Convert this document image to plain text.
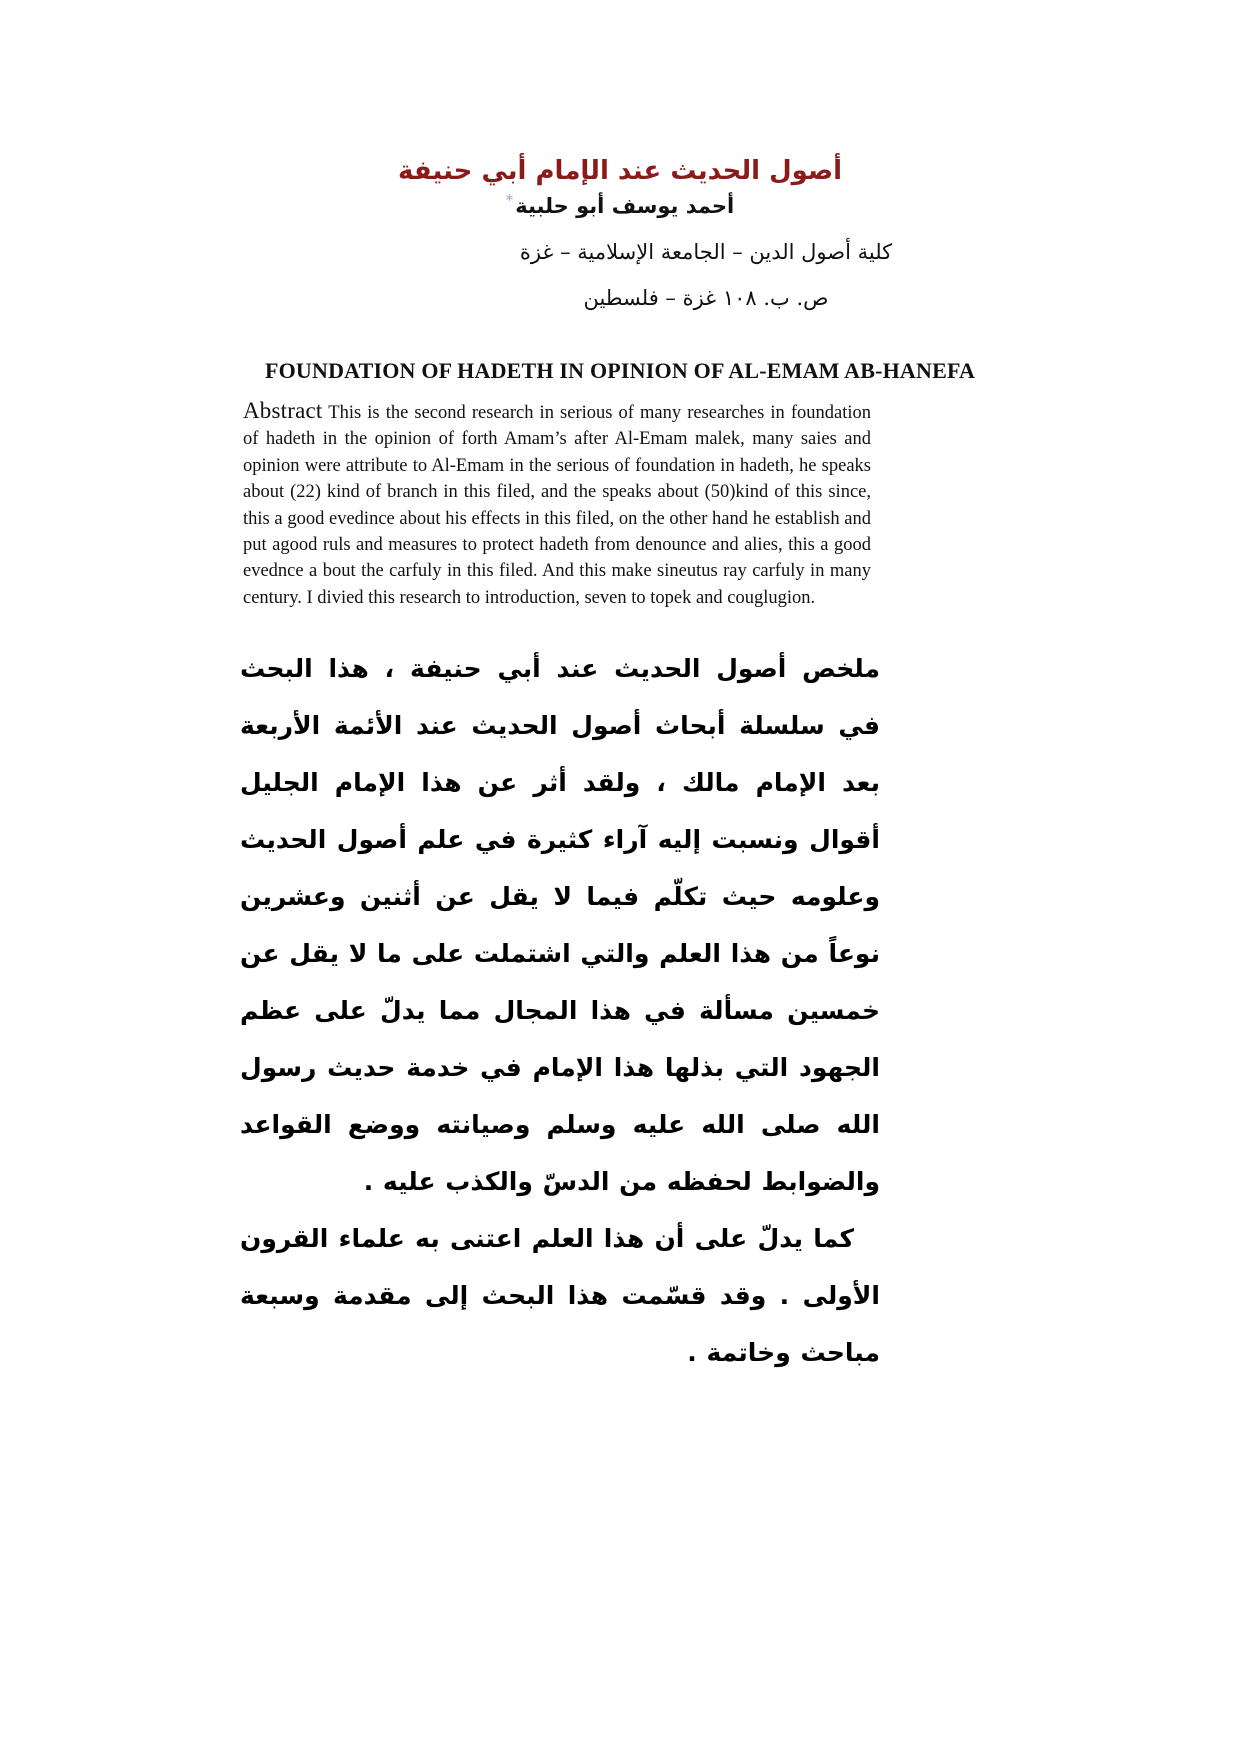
أصول الحديث عند الإمام أبي حنيفة
أحمد يوسف أبو حلبية*
كلية أصول الدين – الجامعة الإسلامية – غزة
ص. ب. ١٠٨ غزة – فلسطين
FOUNDATION OF HADETH IN OPINION OF AL-EMAM AB-HANEFA
Abstract This is the second research in serious of many researches in foundation of hadeth in the opinion of forth Amam’s after Al-Emam malek, many saies and opinion were attribute to Al-Emam in the serious of foundation in hadeth, he speaks about (22) kind of branch in this filed, and the speaks about (50)kind of this since, this a good evedince about his effects in this filed, on the other hand he establish and put agood ruls and measures to protect hadeth from denounce and alies, this a good evednce a bout the carfuly in this filed. And this make sineutus ray carfuly in many century. I divied this research to introduction, seven to topek and couglugion.

ملخص أصول الحديث عند أبي حنيفة ، هذا البحث في سلسلة أبحاث أصول الحديث عند الأئمة الأربعة بعد الإمام مالك ، ولقد أثر عن هذا الإمام الجليل أقوال ونسبت إليه آراء كثيرة في علم أصول الحديث وعلومه حيث تكلّم فيما لا يقل عن أثنين وعشرين نوعاً من هذا العلم والتي اشتملت على ما لا يقل عن خمسين مسألة في هذا المجال مما يدلّ على عظم الجهود التي بذلها هذا الإمام في خدمة حديث رسول الله صلى الله عليه وسلم وصيانته ووضع القواعد والضوابط لحفظه من الدسّ والكذب عليه .

كما يدلّ على أن هذا العلم اعتنى به علماء القرون الأولى . وقد قسّمت هذا البحث إلى مقدمة وسبعة مباحث وخاتمة .
